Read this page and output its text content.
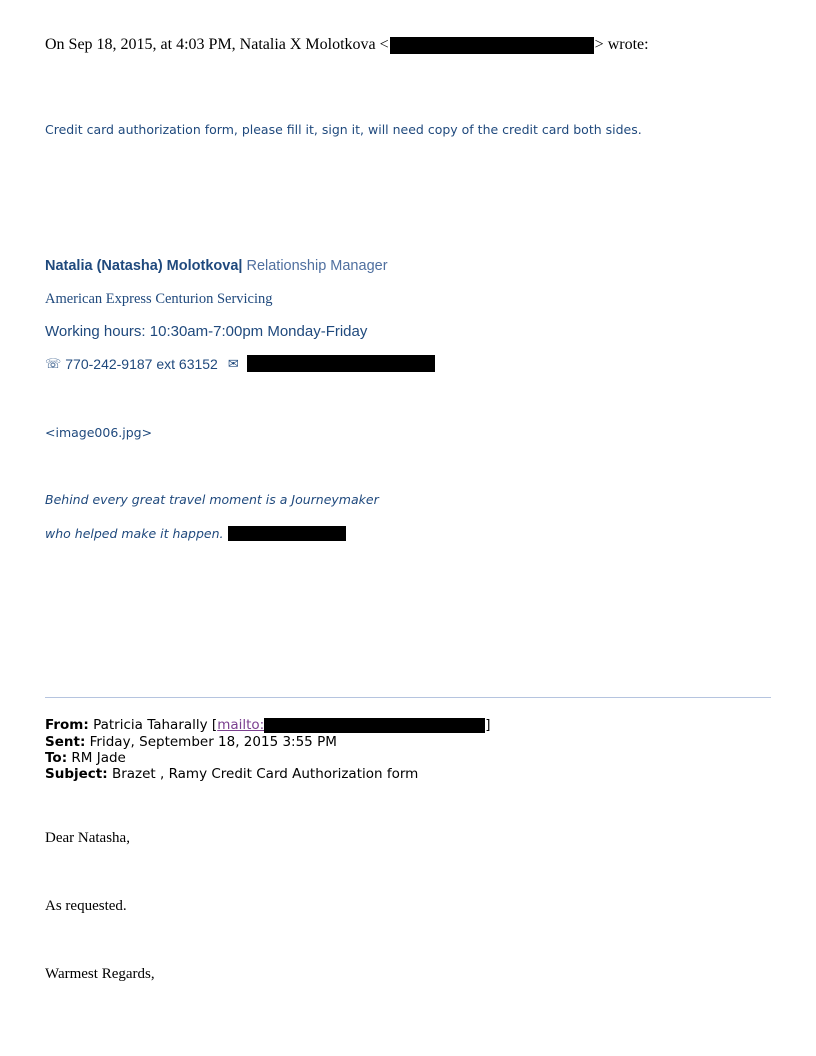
On Sep 18, 2015, at 4:03 PM, Natalia X Molotkova <	> wrote:
Credit card authorization form, please fill it, sign it, will need copy of the credit card both sides.
Natalia (Natasha) Molotkova| Relationship Manager
American Express Centurion Servicing
Working hours: 10:30am-7:00pm Monday-Friday
☏ 770-242-9187 ext 63152 ✉
<image006.jpg>
Behind every great travel moment is a Journeymaker
who helped make it happen.
From: Patricia Taharally [mailto:	]
Sent: Friday, September 18, 2015 3:55 PM
To: RM Jade
Subject: Brazet , Ramy Credit Card Authorization form
Dear Natasha,
As requested.
Warmest Regards,
